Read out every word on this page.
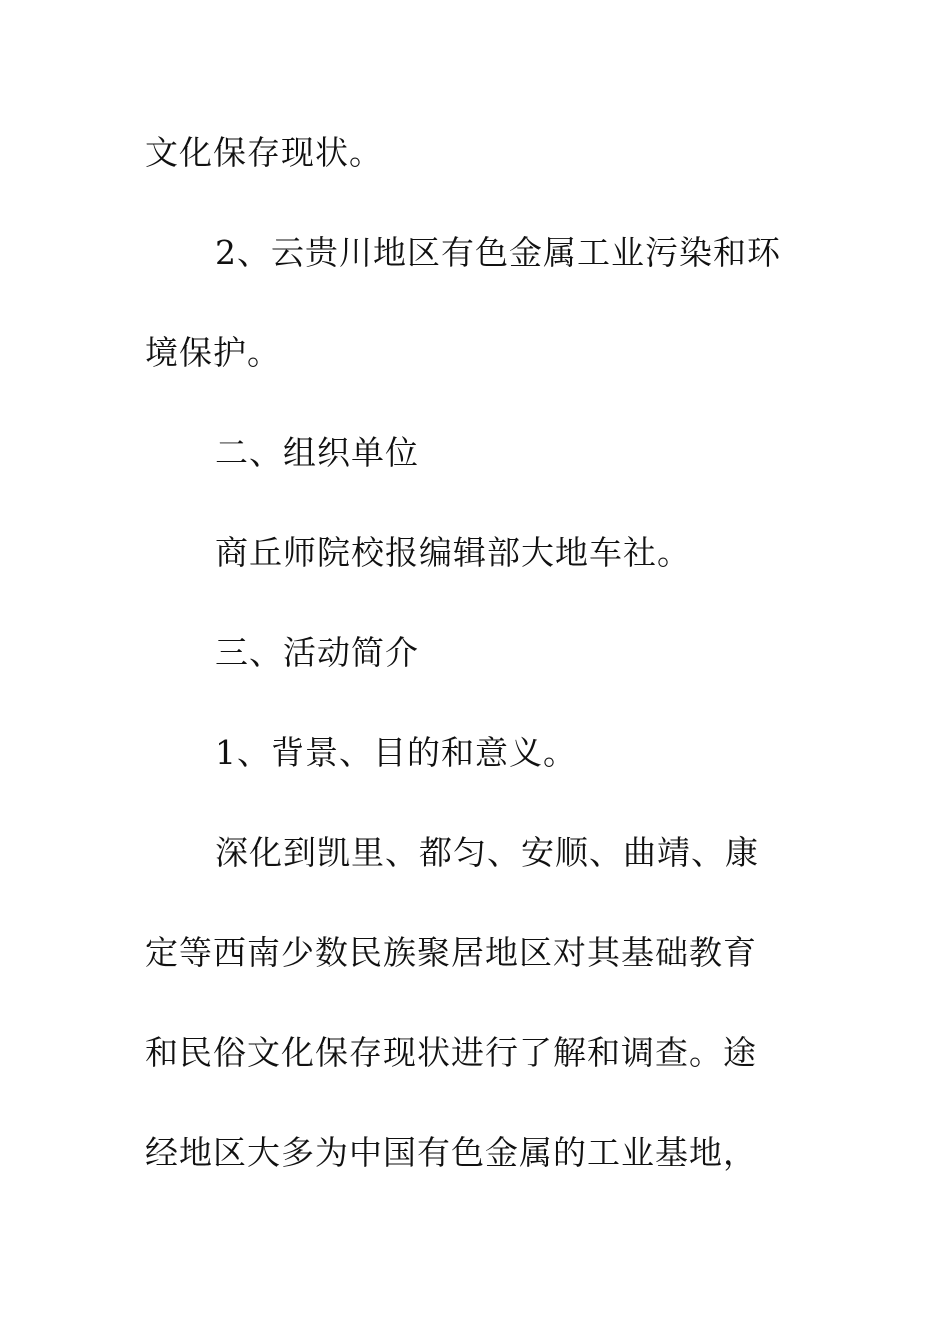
文化保存现状。
2、云贵川地区有色金属工业污染和环
境保护。
二、组织单位
商丘师院校报编辑部大地车社。
三、活动简介
1、背景、目的和意义。
深化到凯里、都匀、安顺、曲靖、康
定等西南少数民族聚居地区对其基础教育
和民俗文化保存现状进行了解和调查。途
经地区大多为中国有色金属的工业基地，
